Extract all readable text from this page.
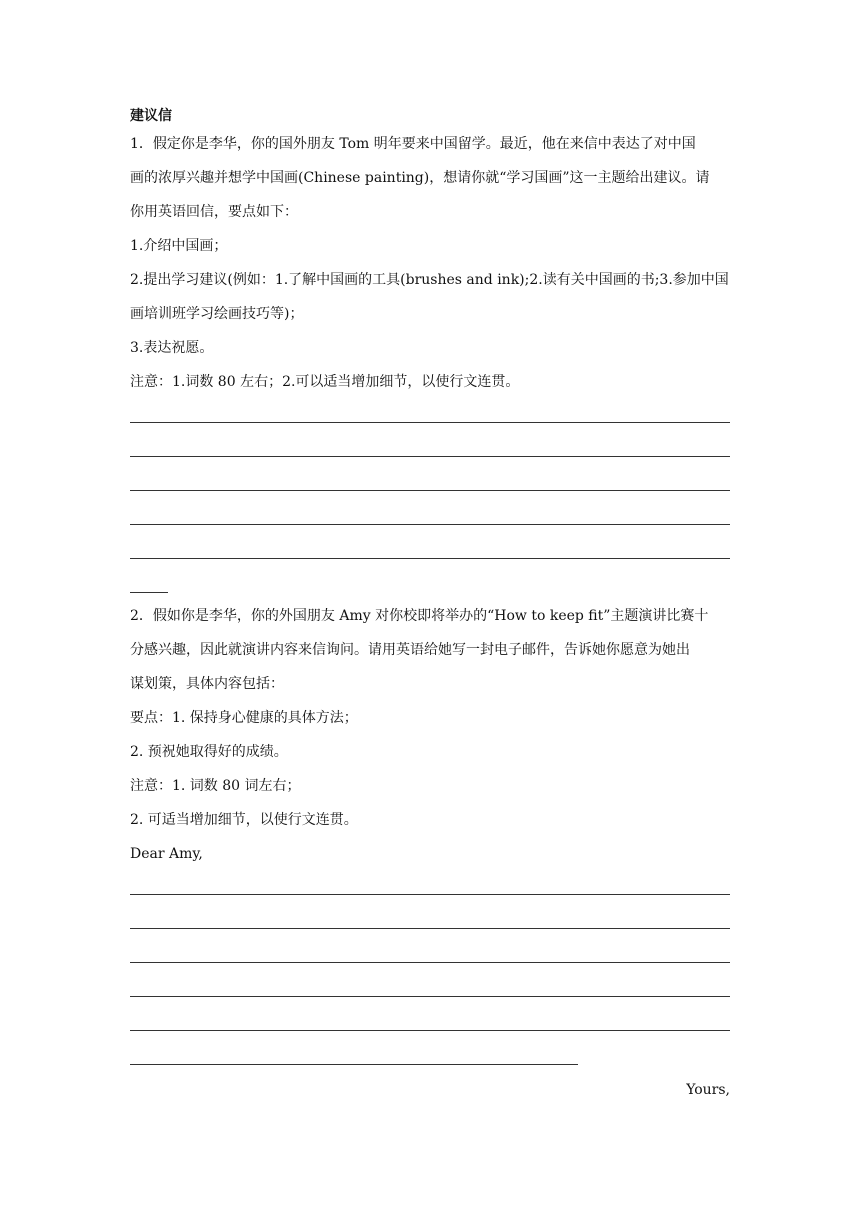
建议信
1．假定你是李华，你的国外朋友 Tom 明年要来中国留学。最近，他在来信中表达了对中国
画的浓厚兴趣并想学中国画(Chinese painting)，想请你就“学习国画”这一主题给出建议。请
你用英语回信，要点如下：
1.介绍中国画；
2.提出学习建议(例如：1.了解中国画的工具(brushes and ink);2.读有关中国画的书;3.参加中国
画培训班学习绘画技巧等)；
3.表达祝愿。
注意：1.词数 80 左右；2.可以适当增加细节，以使行文连贯。
2．假如你是李华，你的外国朋友 Amy 对你校即将举办的“How to keep fit”主题演讲比赛十
分感兴趣，因此就演讲内容来信询问。请用英语给她写一封电子邮件，告诉她你愿意为她出
谋划策，具体内容包括：
要点：1. 保持身心健康的具体方法；
2. 预祝她取得好的成绩。
注意：1. 词数 80 词左右；
2. 可适当增加细节，以使行文连贯。
Dear Amy,
Yours,
